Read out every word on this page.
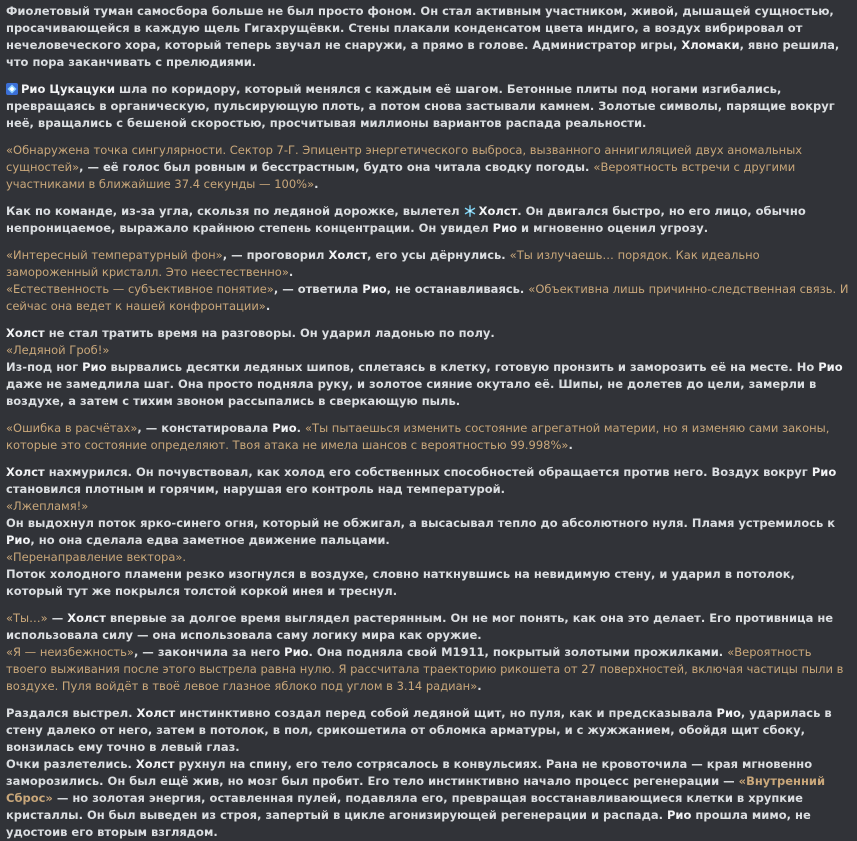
Фиолетовый туман самосбора больше не был просто фоном. Он стал активным участником, живой, дышащей сущностью, просачивающейся в каждую щель Гигахрущёвки. Стены плакали конденсатом цвета индиго, а воздух вибрировал от нечеловеческого хора, который теперь звучал не снаружи, а прямо в голове. Администратор игры, Хломаки, явно решила, что пора заканчивать с прелюдиями.

Рио Цукацуки шла по коридору, который менялся с каждым её шагом. Бетонные плиты под ногами изгибались, превращаясь в органическую, пульсирующую плоть, а потом снова застывали камнем. Золотые символы, парящие вокруг неё, вращались с бешеной скоростью, просчитывая миллионы вариантов распада реальности.

«Обнаружена точка сингулярности. Сектор 7-Г. Эпицентр энергетического выброса, вызванного аннигиляцией двух аномальных сущностей», — её голос был ровным и бесстрастным, будто она читала сводку погоды. «Вероятность встречи с другими участниками в ближайшие 37.4 секунды — 100%».

Как по команде, из-за угла, скользя по ледяной дорожке, вылетел Холст. Он двигался быстро, но его лицо, обычно непроницаемое, выражало крайнюю степень концентрации. Он увидел Рио и мгновенно оценил угрозу.

«Интересный температурный фон», — проговорил Холст, его усы дёрнулись. «Ты излучаешь… порядок. Как идеально замороженный кристалл. Это неестественно».

«Естественность — субъективное понятие», — ответила Рио, не останавливаясь. «Объективна лишь причинно-следственная связь. И сейчас она ведет к нашей конфронтации».

Холст не стал тратить время на разговоры. Он ударил ладонью по полу.

«Ледяной Гроб!»

Из-под ног Рио вырвались десятки ледяных шипов, сплетаясь в клетку, готовую пронзить и заморозить её на месте. Но Рио даже не замедлила шаг. Она просто подняла руку, и золотое сияние окутало её. Шипы, не долетев до цели, замерли в воздухе, а затем с тихим звоном рассыпались в сверкающую пыль.

«Ошибка в расчётах», — констатировала Рио. «Ты пытаешься изменить состояние агрегатной материи, но я изменяю сами законы, которые это состояние определяют. Твоя атака не имела шансов с вероятностью 99.998%».

Холст нахмурился. Он почувствовал, как холод его собственных способностей обращается против него. Воздух вокруг Рио становился плотным и горячим, нарушая его контроль над температурой.

«Лжепламя!»

Он выдохнул поток ярко-синего огня, который не обжигал, а высасывал тепло до абсолютного нуля. Пламя устремилось к Рио, но она сделала едва заметное движение пальцами.

«Перенаправление вектора».

Поток холодного пламени резко изогнулся в воздухе, словно наткнувшись на невидимую стену, и ударил в потолок, который тут же покрылся толстой коркой инея и треснул.

«Ты…» — Холст впервые за долгое время выглядел растерянным. Он не мог понять, как она это делает. Его противница не использовала силу — она использовала саму логику мира как оружие.

«Я — неизбежность», — закончила за него Рио. Она подняла свой M1911, покрытый золотыми прожилками. «Вероятность твоего выживания после этого выстрела равна нулю. Я рассчитала траекторию рикошета от 27 поверхностей, включая частицы пыли в воздухе. Пуля войдёт в твоё левое глазное яблоко под углом в 3.14 радиан».

Раздался выстрел. Холст инстинктивно создал перед собой ледяной щит, но пуля, как и предсказывала Рио, ударилась в стену далеко от него, затем в потолок, в пол, срикошетила от обломка арматуры, и с жужжанием, обойдя щит сбоку, вонзилась ему точно в левый глаз.

Очки разлетелись. Холст рухнул на спину, его тело сотрясалось в конвульсиях. Рана не кровоточила — края мгновенно заморозились. Он был ещё жив, но мозг был пробит. Его тело инстинктивно начало процесс регенерации — «Внутренний Сброс» — но золотая энергия, оставленная пулей, подавляла его, превращая восстанавливающиеся клетки в хрупкие кристаллы. Он был выведен из строя, запертый в цикле агонизирующей регенерации и распада. Рио прошла мимо, не удостоив его вторым взглядом.
